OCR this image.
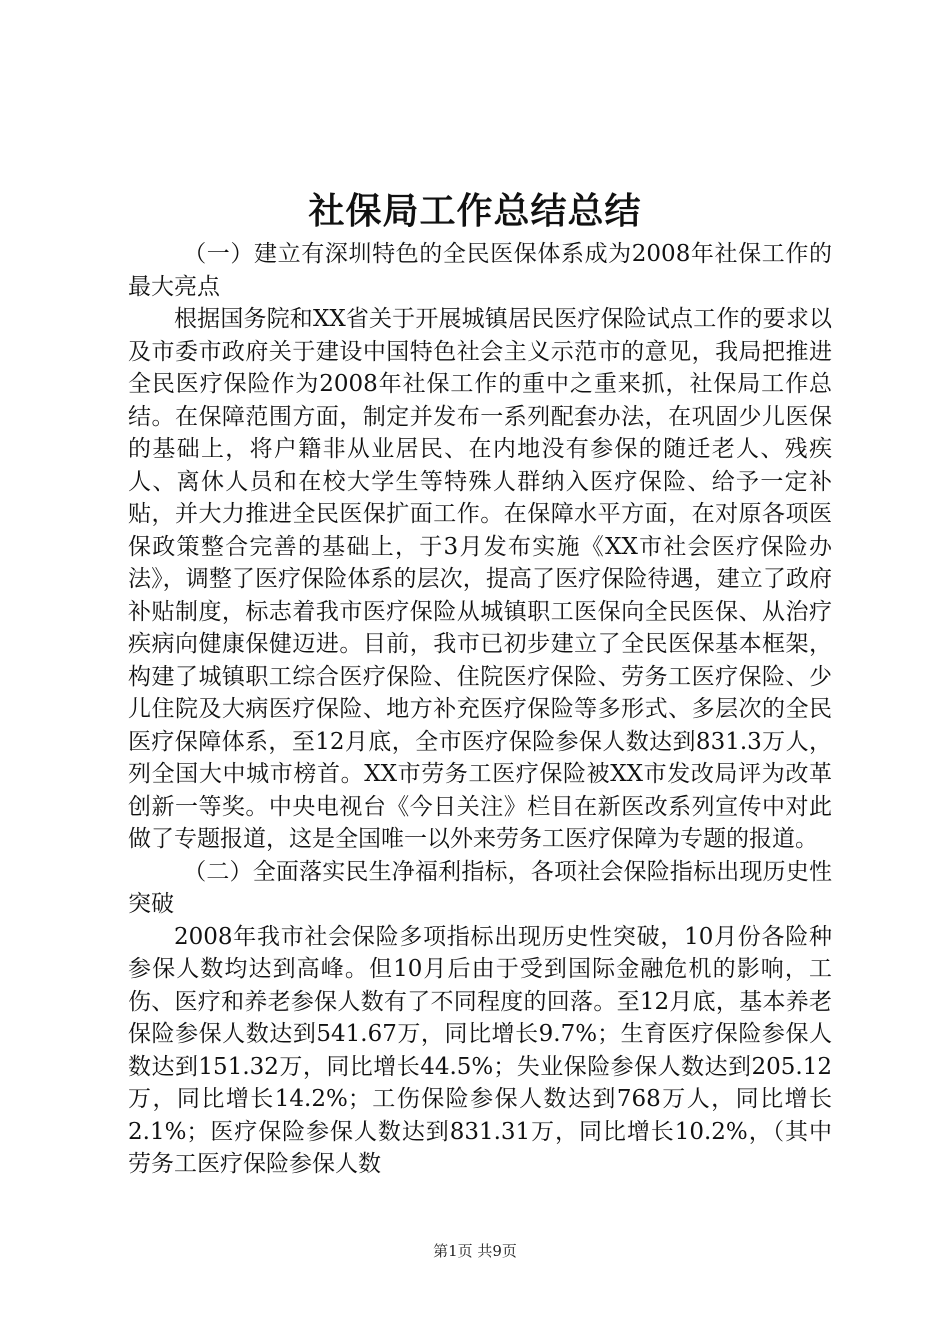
社保局工作总结总结

（一）建立有深圳特色的全民医保体系成为2008年社保工作的最大亮点

根据国务院和XX省关于开展城镇居民医疗保险试点工作的要求以及市委市政府关于建设中国特色社会主义示范市的意见，我局把推进全民医疗保险作为2008年社保工作的重中之重来抓，社保局工作总结。在保障范围方面，制定并发布一系列配套办法，在巩固少儿医保的基础上，将户籍非从业居民、在内地没有参保的随迁老人、残疾人、离休人员和在校大学生等特殊人群纳入医疗保险、给予一定补贴，并大力推进全民医保扩面工作。在保障水平方面，在对原各项医保政策整合完善的基础上，于3月发布实施《XX市社会医疗保险办法》，调整了医疗保险体系的层次，提高了医疗保险待遇，建立了政府补贴制度，标志着我市医疗保险从城镇职工医保向全民医保、从治疗疾病向健康保健迈进。目前，我市已初步建立了全民医保基本框架，构建了城镇职工综合医疗保险、住院医疗保险、劳务工医疗保险、少儿住院及大病医疗保险、地方补充医疗保险等多形式、多层次的全民医疗保障体系，至12月底，全市医疗保险参保人数达到831.3万人，列全国大中城市榜首。XX市劳务工医疗保险被XX市发改局评为改革创新一等奖。中央电视台《今日关注》栏目在新医改系列宣传中对此做了专题报道，这是全国唯一以外来劳务工医疗保障为专题的报道。

（二）全面落实民生净福利指标，各项社会保险指标出现历史性突破

2008年我市社会保险多项指标出现历史性突破，10月份各险种参保人数均达到高峰。但10月后由于受到国际金融危机的影响，工伤、医疗和养老参保人数有了不同程度的回落。至12月底，基本养老保险参保人数达到541.67万，同比增长9.7%；生育医疗保险参保人数达到151.32万，同比增长44.5%；失业保险参保人数达到205.12万，同比增长14.2%；工伤保险参保人数达到768万人，同比增长2.1%；医疗保险参保人数达到831.31万，同比增长10.2%，（其中劳务工医疗保险参保人数

第1页 共9页
